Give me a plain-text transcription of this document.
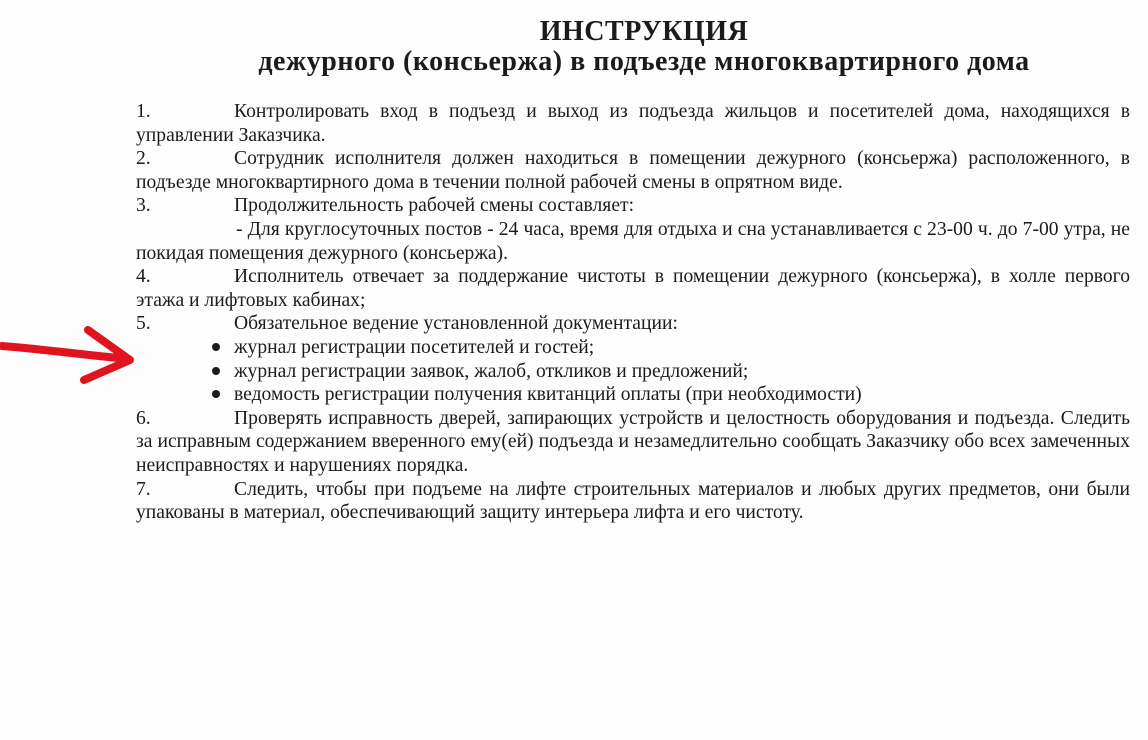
ИНСТРУКЦИЯ
дежурного (консьержа) в подъезде многоквартирного дома

1.	Контролировать вход в подъезд и выход из подъезда жильцов и посетителей дома, находящихся в управлении Заказчика.

2.	Сотрудник исполнителя должен находиться в помещении дежурного (консьержа) расположенного, в подъезде многоквартирного дома в течении полной рабочей смены в опрятном виде.

3.	Продолжительность рабочей смены составляет:

- Для круглосуточных постов - 24 часа, время для отдыха и сна устанавливается с 23-00 ч. до 7-00 утра, не покидая помещения дежурного (консьержа).

4.	Исполнитель отвечает за поддержание чистоты в помещении дежурного (консьержа), в холле первого этажа и лифтовых кабинах;

5.	Обязательное ведение установленной документации:

журнал регистрации посетителей и гостей;
журнал регистрации заявок, жалоб, откликов и предложений;
ведомость регистрации получения квитанций оплаты (при необходимости)

6.	Проверять исправность дверей, запирающих устройств и целостность оборудования и подъезда. Следить за исправным содержанием вверенного ему(ей) подъезда и незамедлительно сообщать Заказчику обо всех замеченных неисправностях и нарушениях порядка.

7.	Следить, чтобы при подъеме на лифте строительных материалов и любых других предметов, они были упакованы в материал, обеспечивающий защиту интерьера лифта и его чистоту.
